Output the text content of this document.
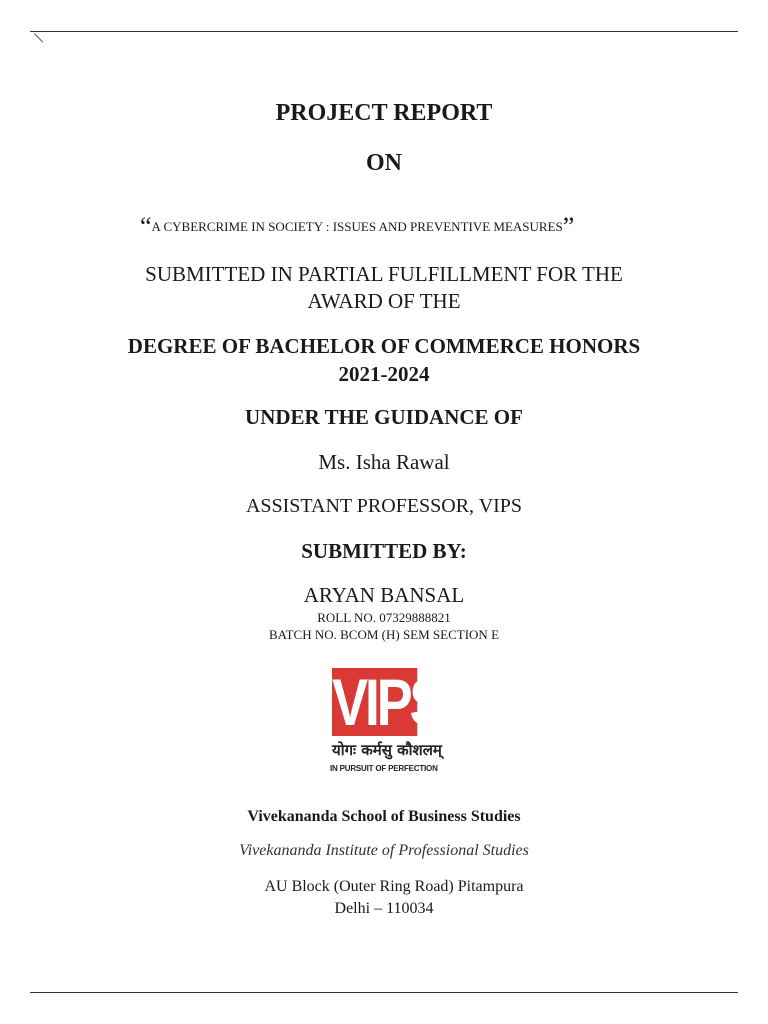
PROJECT REPORT
ON
“A CYBERCRIME IN SOCIETY : ISSUES AND PREVENTIVE MEASURES”
SUBMITTED IN PARTIAL FULFILLMENT FOR THE
AWARD OF THE
DEGREE OF BACHELOR OF COMMERCE HONORS
2021-2024
UNDER THE GUIDANCE OF
Ms. Isha Rawal
ASSISTANT PROFESSOR, VIPS
SUBMITTED BY:
ARYAN BANSAL
ROLL NO. 07329888821
BATCH NO. BCOM (H) SEM SECTION E
VIPS
योगः कर्मसु कौशलम्
IN PURSUIT OF PERFECTION
Vivekananda School of Business Studies
Vivekananda Institute of Professional Studies
AU Block (Outer Ring Road) Pitampura
Delhi – 110034
